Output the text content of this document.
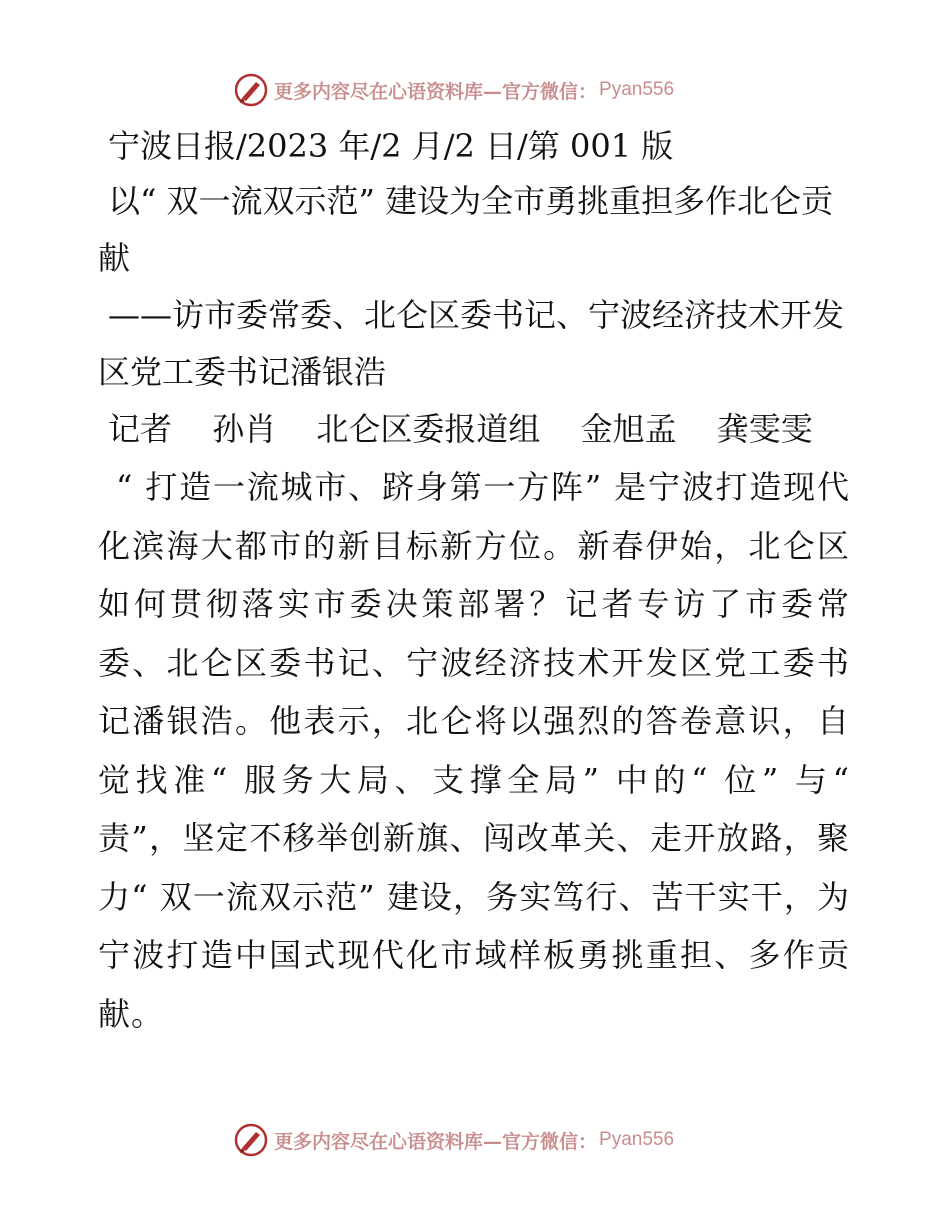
更多内容尽在心语资料库—官方微信： Pyan556

宁波日报/2023 年/2 月/2 日/第 001 版

以“ 双一流双示范” 建设为全市勇挑重担多作北仑贡献

——访市委常委、北仑区委书记、宁波经济技术开发区党工委书记潘银浩

记者 孙肖 北仑区委报道组 金旭孟 龚雯雯

“ 打造一流城市、跻身第一方阵” 是宁波打造现代化滨海大都市的新目标新方位。新春伊始，北仑区如何贯彻落实市委决策部署？记者专访了市委常委、北仑区委书记、宁波经济技术开发区党工委书记潘银浩。他表示，北仑将以强烈的答卷意识，自觉找准“ 服务大局、支撑全局” 中的“ 位” 与“ 责”，坚定不移举创新旗、闯改革关、走开放路，聚力“ 双一流双示范” 建设，务实笃行、苦干实干，为宁波打造中国式现代化市域样板勇挑重担、多作贡献。

更多内容尽在心语资料库—官方微信： Pyan556
